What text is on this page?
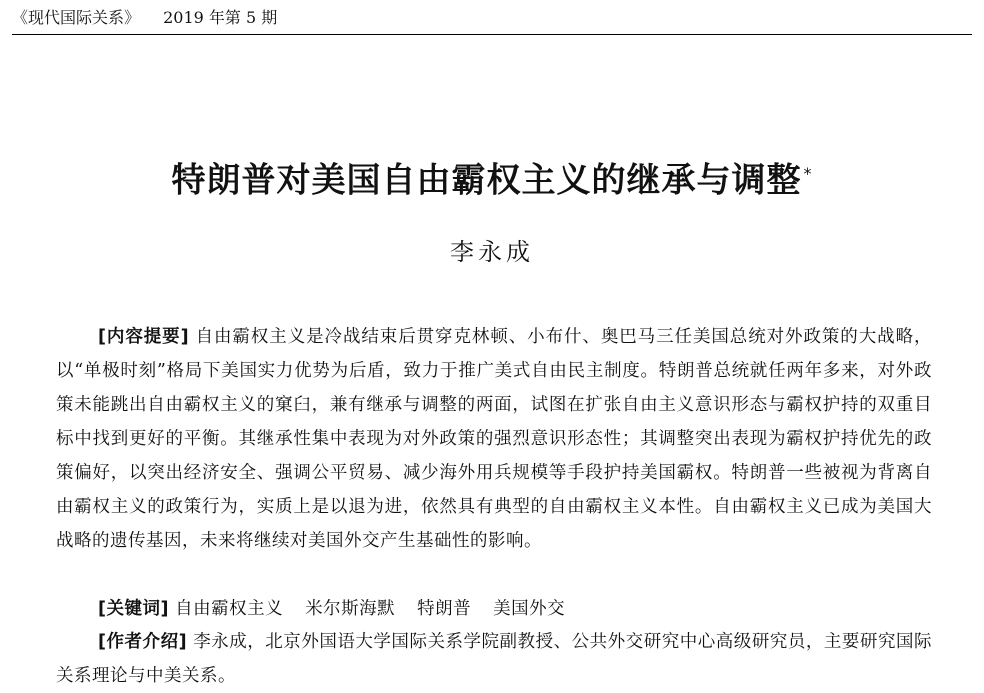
《现代国际关系》 2019 年第 5 期
特朗普对美国自由霸权主义的继承与调整 *
李永成
[内容提要] 自由霸权主义是冷战结束后贯穿克林顿、小布什、奥巴马三任美国总统对外政策的大战略，以“单极时刻”格局下美国实力优势为后盾，致力于推广美式自由民主制度。特朗普总统就任两年多来，对外政策未能跳出自由霸权主义的窠臼，兼有继承与调整的两面，试图在扩张自由主义意识形态与霸权护持的双重目标中找到更好的平衡。其继承性集中表现为对外政策的强烈意识形态性；其调整突出表现为霸权护持优先的政策偏好，以突出经济安全、强调公平贸易、减少海外用兵规模等手段护持美国霸权。特朗普一些被视为背离自由霸权主义的政策行为，实质上是以退为进，依然具有典型的自由霸权主义本性。自由霸权主义已成为美国大战略的遗传基因，未来将继续对美国外交产生基础性的影响。
[关键词] 自由霸权主义 米尔斯海默 特朗普 美国外交
[作者介绍] 李永成，北京外国语大学国际关系学院副教授、公共外交研究中心高级研究员，主要研究国际关系理论与中美关系。
